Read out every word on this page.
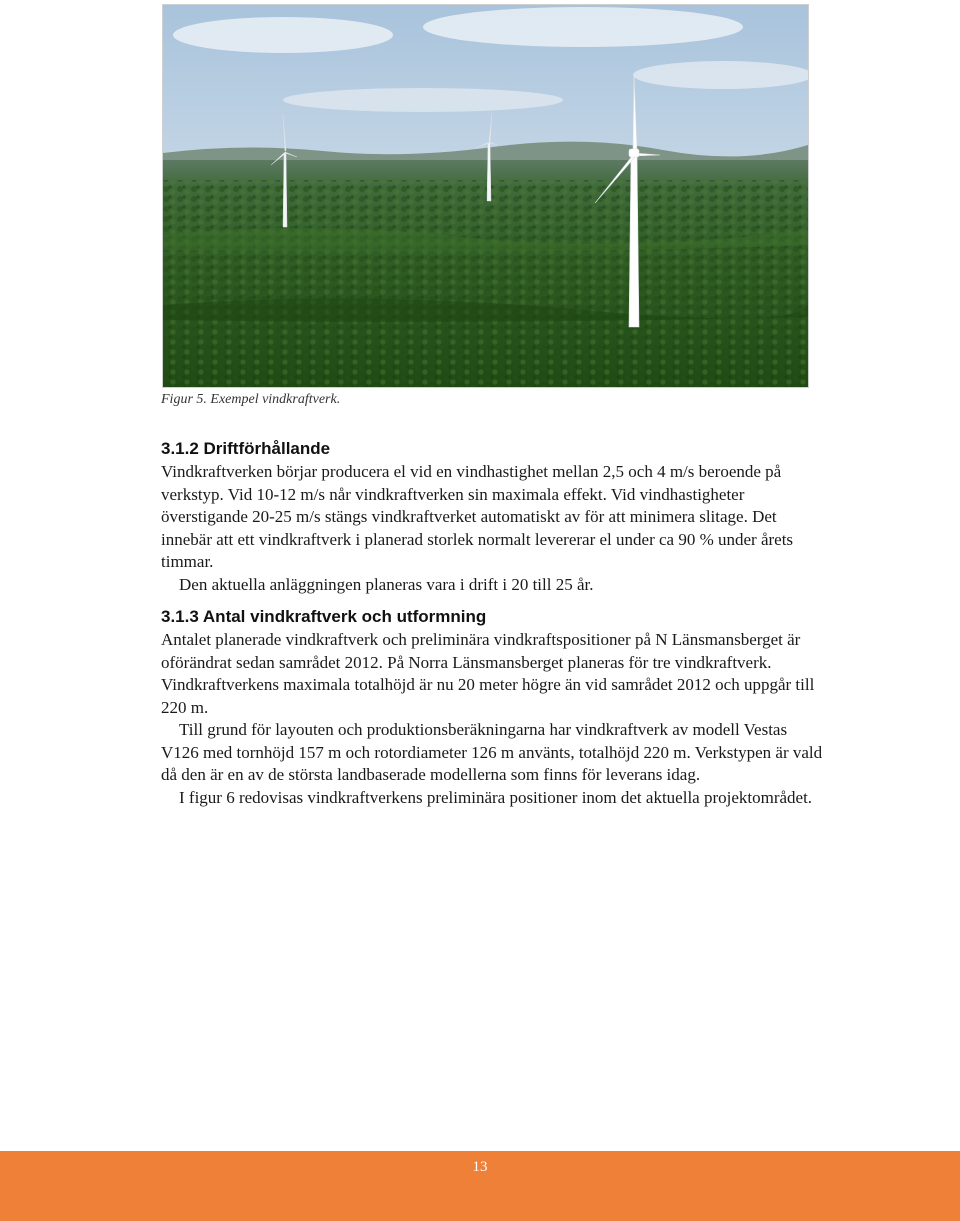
Figur 5. Exempel vindkraftverk.
3.1.2 Driftförhållande

Vindkraftverken börjar producera el vid en vindhastighet mellan 2,5 och 4 m/s beroende på verkstyp. Vid 10-12 m/s når vindkraftverken sin maximala effekt. Vid vindhastigheter överstigande 20-25 m/s stängs vindkraftverket automatiskt av för att minimera slitage. Det innebär att ett vindkraftverk i planerad storlek normalt levererar el under ca 90 % under årets timmar.

Den aktuella anläggningen planeras vara i drift i 20 till 25 år.

3.1.3 Antal vindkraftverk och utformning

Antalet planerade vindkraftverk och preliminära vindkraftspositioner på N Länsmansberget är oförändrat sedan samrådet 2012. På Norra Länsmansberget planeras för tre vindkraftverk. Vindkraftverkens maximala totalhöjd är nu 20 meter högre än vid samrådet 2012 och uppgår till 220 m.

Till grund för layouten och produktionsberäkningarna har vindkraftverk av modell Vestas V126 med tornhöjd 157 m och rotordiameter 126 m använts, totalhöjd 220 m. Verkstypen är vald då den är en av de största landbaserade modellerna som finns för leverans idag.

I figur 6 redovisas vindkraftverkens preliminära positioner inom det aktuella projektområdet.

13
